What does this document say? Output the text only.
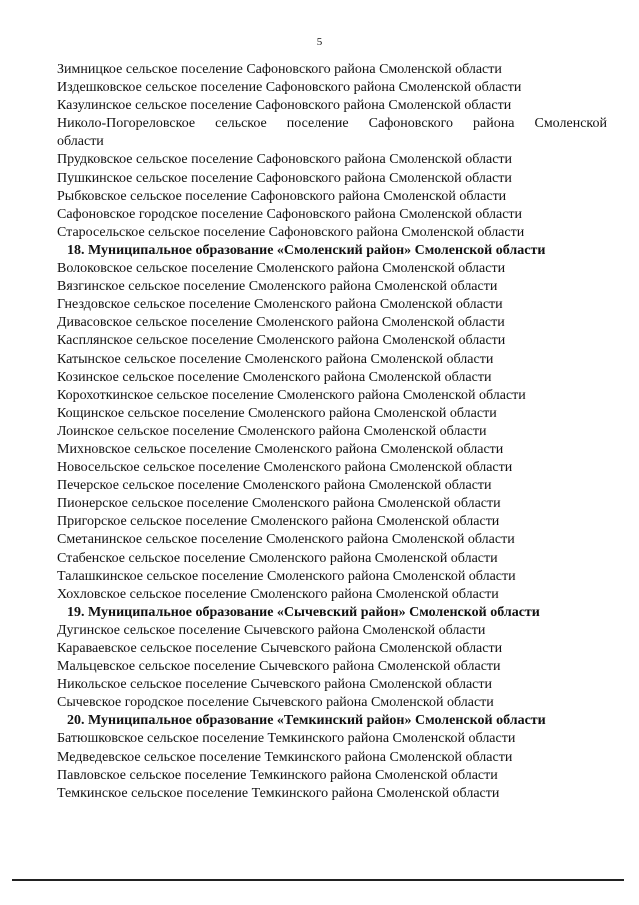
5
Зимницкое сельское поселение Сафоновского района Смоленской области
Издешковское сельское поселение Сафоновского района Смоленской области
Казулинское сельское поселение Сафоновского района Смоленской области
Николо-Погореловское сельское поселение Сафоновского района Смоленской
области
Прудковское сельское поселение Сафоновского района Смоленской области
Пушкинское сельское поселение Сафоновского района Смоленской области
Рыбковское сельское поселение Сафоновского района Смоленской области
Сафоновское городское поселение Сафоновского района Смоленской области
Старосельское сельское поселение Сафоновского района Смоленской области
18. Муниципальное образование «Смоленский район» Смоленской области
Волоковское сельское поселение Смоленского района Смоленской области
Вязгинское сельское поселение Смоленского района Смоленской области
Гнездовское сельское поселение Смоленского района Смоленской области
Дивасовское сельское поселение Смоленского района Смоленской области
Касплянское сельское поселение Смоленского района Смоленской области
Катынское сельское поселение Смоленского района Смоленской области
Козинское сельское поселение Смоленского района Смоленской области
Корохоткинское сельское поселение Смоленского района Смоленской области
Кощинское сельское поселение Смоленского района Смоленской области
Лоинское сельское поселение Смоленского района Смоленской области
Михновское сельское поселение Смоленского района Смоленской области
Новосельское сельское поселение Смоленского района Смоленской области
Печерское сельское поселение Смоленского района Смоленской области
Пионерское сельское поселение Смоленского района Смоленской области
Пригорское сельское поселение Смоленского района Смоленской области
Сметанинское сельское поселение Смоленского района Смоленской области
Стабенское сельское поселение Смоленского района Смоленской области
Талашкинское сельское поселение Смоленского района Смоленской области
Хохловское сельское поселение Смоленского района Смоленской области
19. Муниципальное образование «Сычевский район» Смоленской области
Дугинское сельское поселение Сычевского района Смоленской области
Караваевское сельское поселение Сычевского района Смоленской области
Мальцевское сельское поселение Сычевского района Смоленской области
Никольское сельское поселение Сычевского района Смоленской области
Сычевское городское поселение Сычевского района Смоленской области
20. Муниципальное образование «Темкинский район» Смоленской области
Батюшковское сельское поселение Темкинского района Смоленской области
Медведевское сельское поселение Темкинского района Смоленской области
Павловское сельское поселение Темкинского района Смоленской области
Темкинское сельское поселение Темкинского района Смоленской области
